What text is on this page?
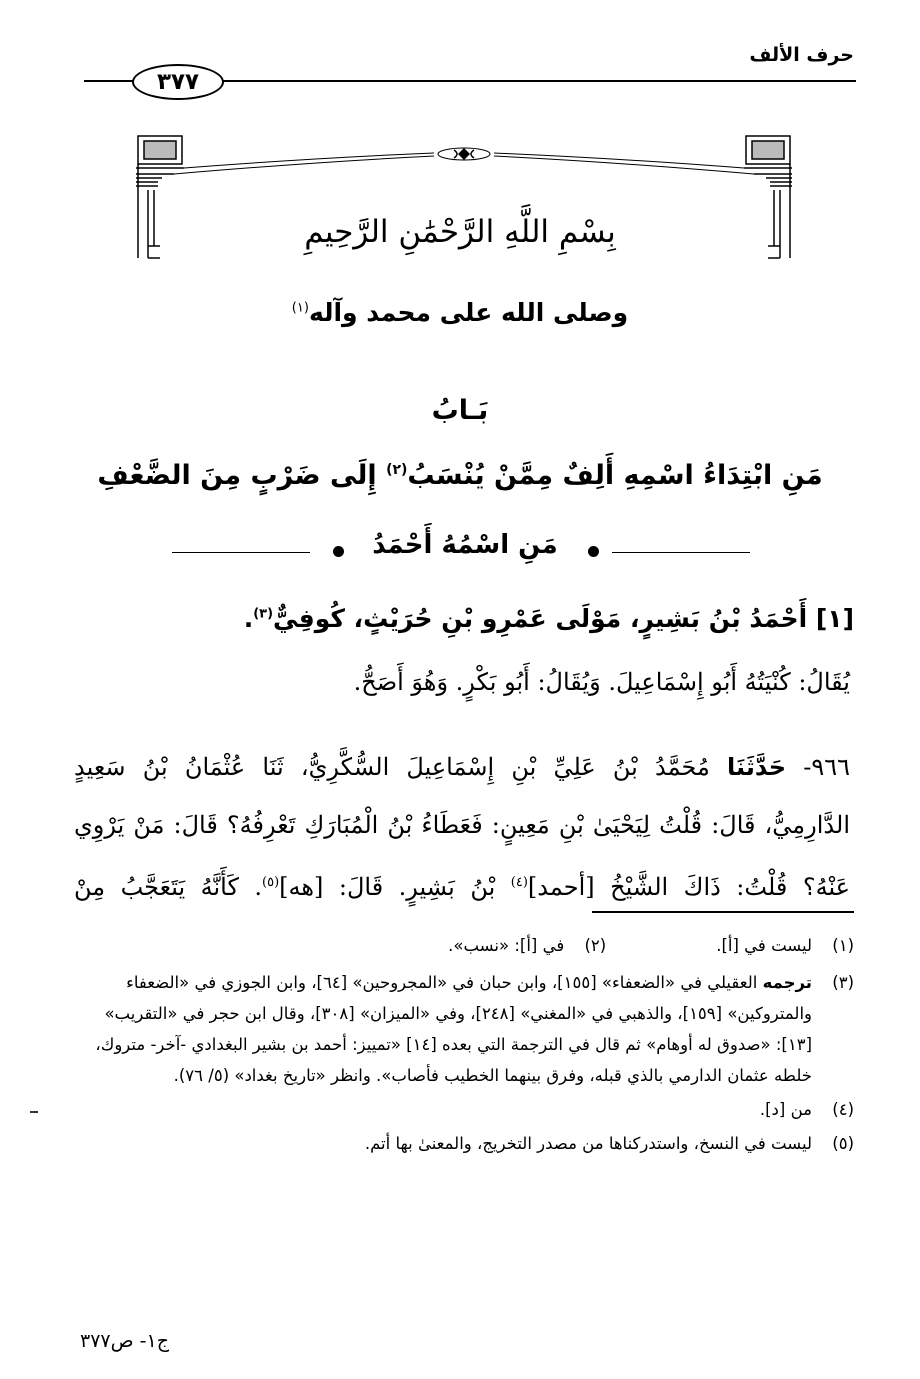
حرف الألف
٣٧٧
بِسْمِ اللَّهِ الرَّحْمَٰنِ الرَّحِيمِ
وصلى الله على محمد وآله$^{(١)}$
بَـابُ
مَنِ ابْتِدَاءُ اسْمِهِ أَلِفٌ مِمَّنْ يُنْسَبُ$^{(٢)}$ إِلَى ضَرْبٍ مِنَ الضَّعْفِ
مَنِ اسْمُهُ أَحْمَدُ
[١] أَحْمَدُ بْنُ بَشِيرٍ، مَوْلَى عَمْرِو بْنِ حُرَيْثٍ، كُوفِيٌّ$^{(٣)}$.
يُقَالُ: كُنْيَتُهُ أَبُو إِسْمَاعِيلَ. وَيُقَالُ: أَبُو بَكْرٍ. وَهُوَ أَصَحُّ.

٩٦٦- حَدَّثَنَا مُحَمَّدُ بْنُ عَلِيِّ بْنِ إِسْمَاعِيلَ السُّكَّرِيُّ، ثَنَا عُثْمَانُ بْنُ سَعِيدٍ

الدَّارِمِيُّ، قَالَ: قُلْتُ لِيَحْيَىٰ بْنِ مَعِينٍ: فَعَطَاءُ بْنُ الْمُبَارَكِ تَعْرِفُهُ؟ قَالَ: مَنْ يَرْوِي

عَنْهُ؟ قُلْتُ: ذَاكَ الشَّيْخُ [أحمد]$^{(٤)}$ بْنُ بَشِيرٍ. قَالَ: [هه]$^{(٥)}$. كَأَنَّهُ يَتَعَجَّبُ مِنْ

(١)
ليست في [أ].
(٢)
في [أ]: «نسب».
(٣)
ترجمه العقيلي في «الضعفاء» [١٥٥]، وابن حبان في «المجروحين» [٦٤]، وابن الجوزي في «الضعفاء والمتروكين» [١٥٩]، والذهبي في «المغني» [٢٤٨]، وفي «الميزان» [٣٠٨]، وقال ابن حجر في «التقريب» [١٣]: «صدوق له أوهام» ثم قال في الترجمة التي بعده [١٤] «تمييز: أحمد بن بشير البغدادي -آخر- متروك، خلطه عثمان الدارمي بالذي قبله، وفرق بينهما الخطيب فأصاب». وانظر «تاريخ بغداد» (٥/ ٧٦).
(٤)
من [د].
(٥)
ليست في النسخ، واستدركناها من مصدر التخريج، والمعنىٰ بها أتم.
ج١- ص٣٧٧
